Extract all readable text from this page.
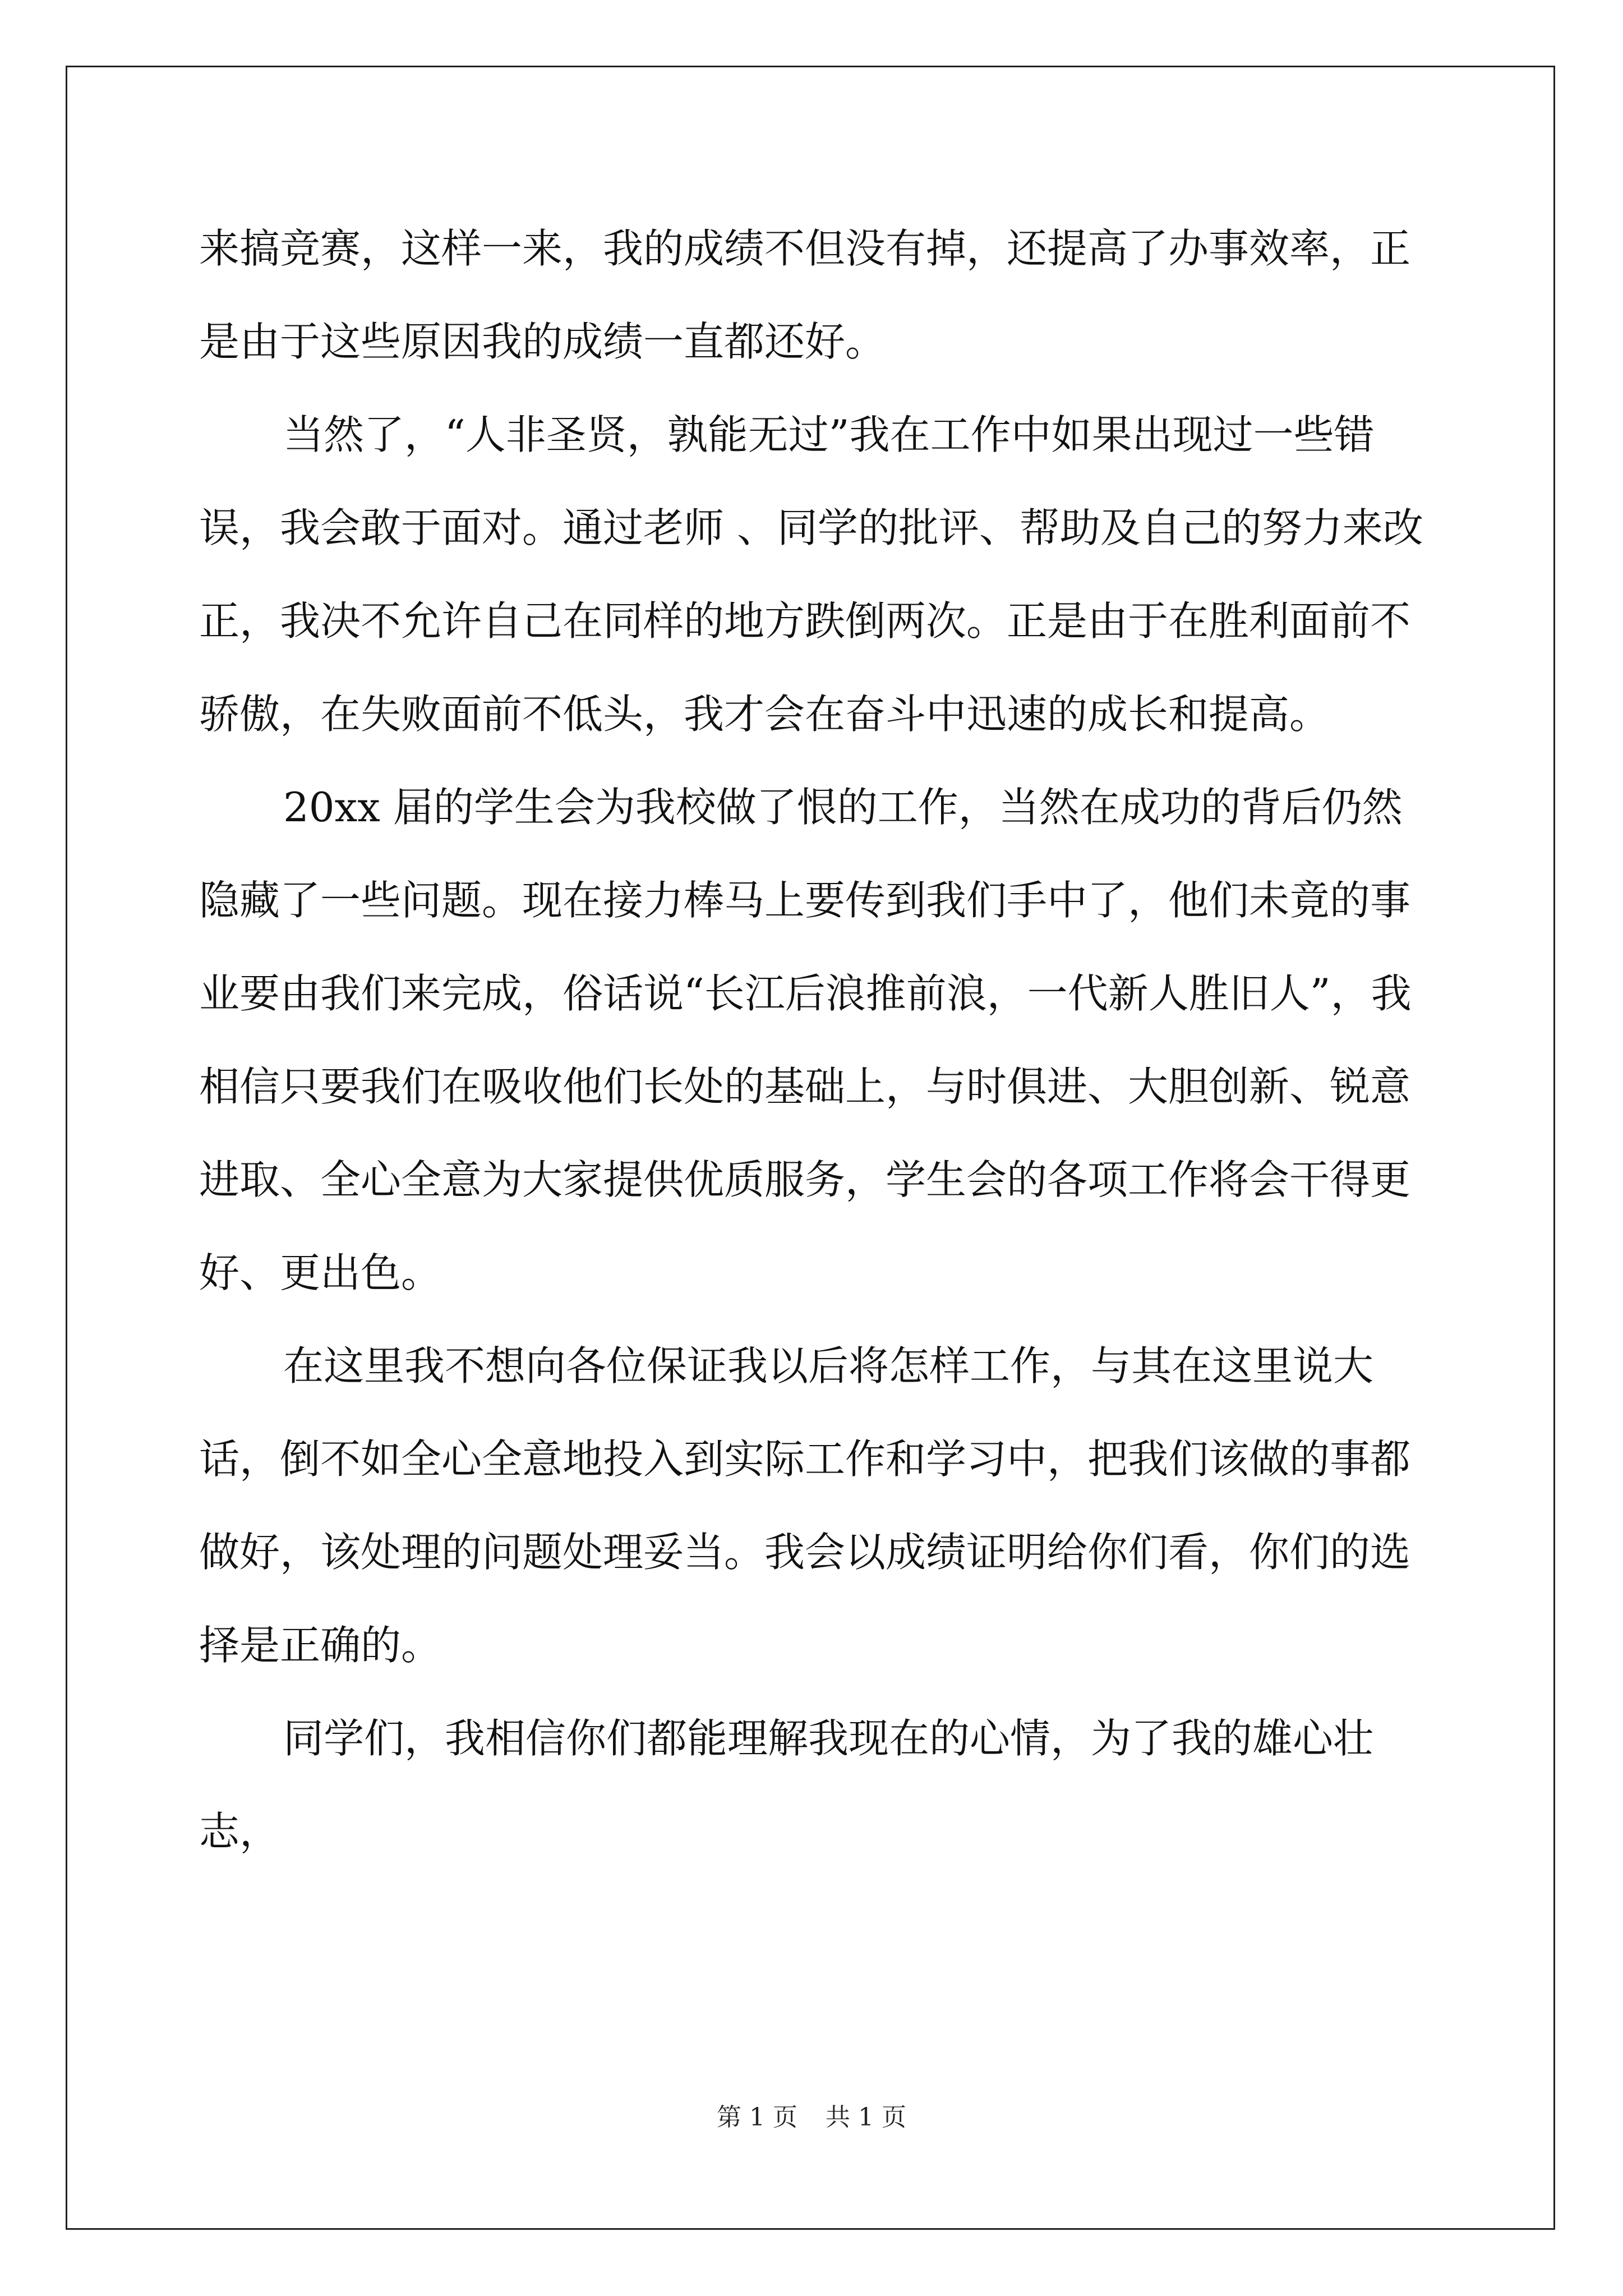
来搞竞赛，这样一来，我的成绩不但没有掉，还提高了办事效率，正是由于这些原因我的成绩一直都还好。

当然了，“人非圣贤，孰能无过”我在工作中如果出现过一些错误，我会敢于面对。通过老师 、同学的批评、帮助及自己的努力来改正，我决不允许自己在同样的地方跌倒两次。正是由于在胜利面前不骄傲，在失败面前不低头，我才会在奋斗中迅速的成长和提高。

20xx 届的学生会为我校做了恨的工作，当然在成功的背后仍然隐藏了一些问题。现在接力棒马上要传到我们手中了，他们未竟的事业要由我们来完成，俗话说“长江后浪推前浪，一代新人胜旧人”，我相信只要我们在吸收他们长处的基础上，与时俱进、大胆创新、锐意进取、全心全意为大家提供优质服务，学生会的各项工作将会干得更好、更出色。

在这里我不想向各位保证我以后将怎样工作，与其在这里说大话，倒不如全心全意地投入到实际工作和学习中，把我们该做的事都做好，该处理的问题处理妥当。我会以成绩证明给你们看，你们的选择是正确的。

同学们，我相信你们都能理解我现在的心情，为了我的雄心壮志，

第 1 页 共 1 页
